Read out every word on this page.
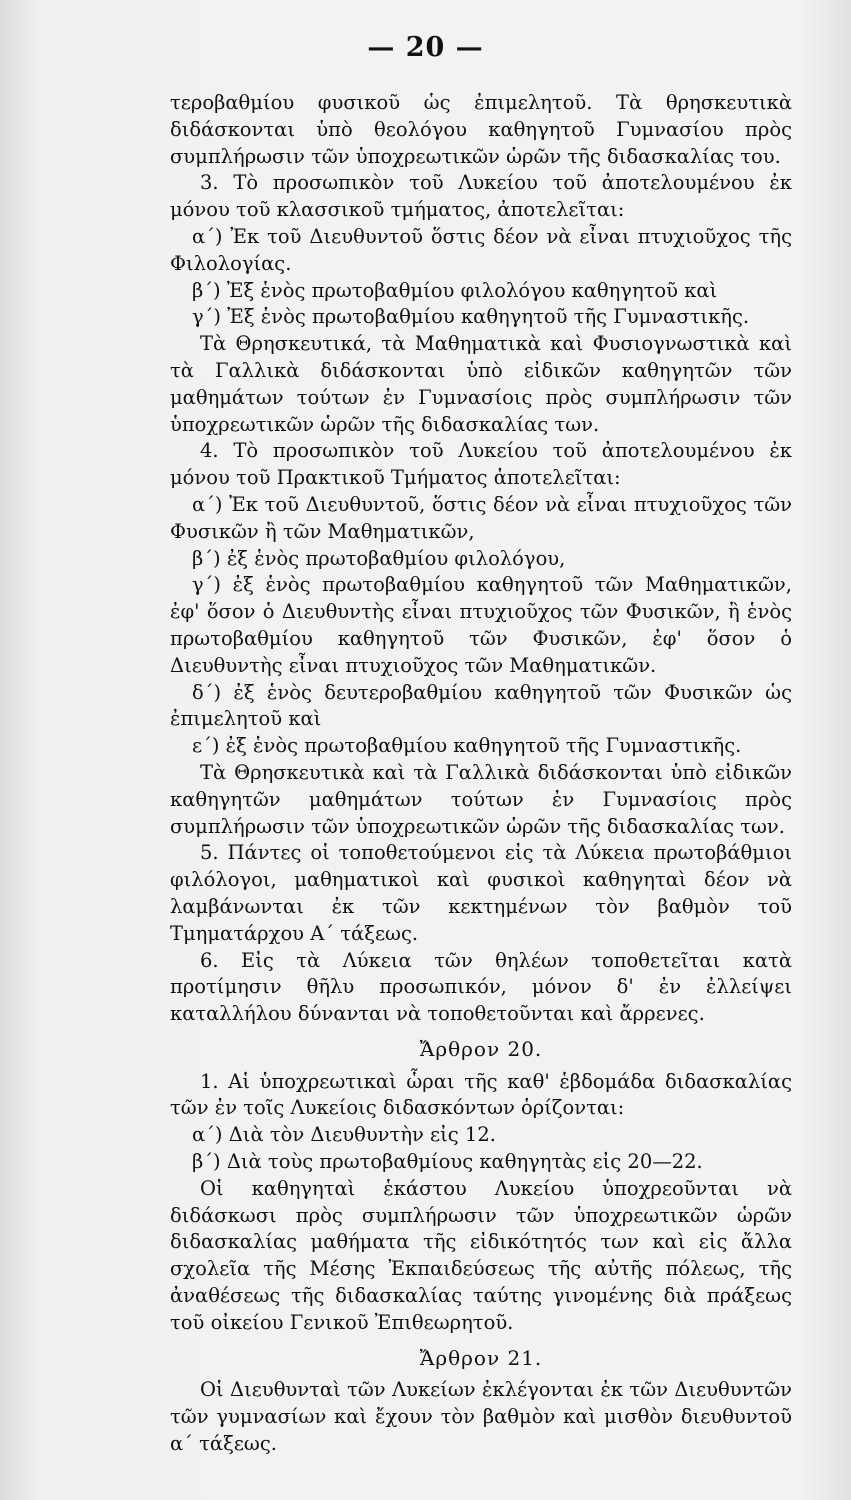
— 20 —

τεροβαθμίου φυσικοῦ ὡς ἐπιμελητοῦ. Τὰ θρησκευτικὰ διδάσκονται ὑπὸ θεολόγου καθηγητοῦ Γυμνασίου πρὸς συμπλήρωσιν τῶν ὑποχρεωτικῶν ὡρῶν τῆς διδασκαλίας του.

3. Τὸ προσωπικὸν τοῦ Λυκείου τοῦ ἀποτελουμένου ἐκ μόνου τοῦ κλασσικοῦ τμήματος, ἀποτελεῖται:

α΄) Ἐκ τοῦ Διευθυντοῦ ὅστις δέον νὰ εἶναι πτυχιοῦχος τῆς Φιλολογίας.

β΄) Ἐξ ἑνὸς πρωτοβαθμίου φιλολόγου καθηγητοῦ καὶ

γ΄) Ἐξ ἑνὸς πρωτοβαθμίου καθηγητοῦ τῆς Γυμναστικῆς.

Τὰ Θρησκευτικά, τὰ Μαθηματικὰ καὶ Φυσιογνωστικὰ καὶ τὰ Γαλλικὰ διδάσκονται ὑπὸ εἰδικῶν καθηγητῶν τῶν μαθημάτων τούτων ἐν Γυμνασίοις πρὸς συμπλήρωσιν τῶν ὑποχρεωτικῶν ὡρῶν τῆς διδασκαλίας των.

4. Τὸ προσωπικὸν τοῦ Λυκείου τοῦ ἀποτελουμένου ἐκ μόνου τοῦ Πρακτικοῦ Τμήματος ἀποτελεῖται:

α΄) Ἐκ τοῦ Διευθυντοῦ, ὅστις δέον νὰ εἶναι πτυχιοῦχος τῶν Φυσικῶν ἢ τῶν Μαθηματικῶν,

β΄) ἐξ ἑνὸς πρωτοβαθμίου φιλολόγου,

γ΄) ἐξ ἑνὸς πρωτοβαθμίου καθηγητοῦ τῶν Μαθηματικῶν, ἐφ' ὅσον ὁ Διευθυντὴς εἶναι πτυχιοῦχος τῶν Φυσικῶν, ἢ ἑνὸς πρωτοβαθμίου καθηγητοῦ τῶν Φυσικῶν, ἐφ' ὅσον ὁ Διευθυντὴς εἶναι πτυχιοῦχος τῶν Μαθηματικῶν.

δ΄) ἐξ ἑνὸς δευτεροβαθμίου καθηγητοῦ τῶν Φυσικῶν ὡς ἐπιμελητοῦ καὶ

ε΄) ἐξ ἑνὸς πρωτοβαθμίου καθηγητοῦ τῆς Γυμναστικῆς.

Τὰ Θρησκευτικὰ καὶ τὰ Γαλλικὰ διδάσκονται ὑπὸ εἰδικῶν καθηγητῶν μαθημάτων τούτων ἐν Γυμνασίοις πρὸς συμπλήρωσιν τῶν ὑποχρεωτικῶν ὡρῶν τῆς διδασκαλίας των.

5. Πάντες οἱ τοποθετούμενοι εἰς τὰ Λύκεια πρωτοβάθμιοι φιλόλογοι, μαθηματικοὶ καὶ φυσικοὶ καθηγηταὶ δέον νὰ λαμβάνωνται ἐκ τῶν κεκτημένων τὸν βαθμὸν τοῦ Τμηματάρχου Α΄ τάξεως.

6. Εἰς τὰ Λύκεια τῶν θηλέων τοποθετεῖται κατὰ προτίμησιν θῆλυ προσωπικόν, μόνον δ' ἐν ἐλλείψει καταλλήλου δύνανται νὰ τοποθετοῦνται καὶ ἄρρενες.

Ἄρθρον 20.

1. Αἱ ὑποχρεωτικαὶ ὧραι τῆς καθ' ἑβδομάδα διδασκαλίας τῶν ἐν τοῖς Λυκείοις διδασκόντων ὁρίζονται:

α΄) Διὰ τὸν Διευθυντὴν εἰς 12.

β΄) Διὰ τοὺς πρωτοβαθμίους καθηγητὰς εἰς 20—22.

Οἱ καθηγηταὶ ἑκάστου Λυκείου ὑποχρεοῦνται νὰ διδάσκωσι πρὸς συμπλήρωσιν τῶν ὑποχρεωτικῶν ὡρῶν διδασκαλίας μαθήματα τῆς εἰδικότητός των καὶ εἰς ἄλλα σχολεῖα τῆς Μέσης Ἐκπαιδεύσεως τῆς αὐτῆς πόλεως, τῆς ἀναθέσεως τῆς διδασκαλίας ταύτης γινομένης διὰ πράξεως τοῦ οἰκείου Γενικοῦ Ἐπιθεωρητοῦ.

Ἄρθρον 21.

Οἱ Διευθυνταὶ τῶν Λυκείων ἐκλέγονται ἐκ τῶν Διευθυντῶν τῶν γυμνασίων καὶ ἔχουν τὸν βαθμὸν καὶ μισθὸν διευθυντοῦ α΄ τάξεως.
